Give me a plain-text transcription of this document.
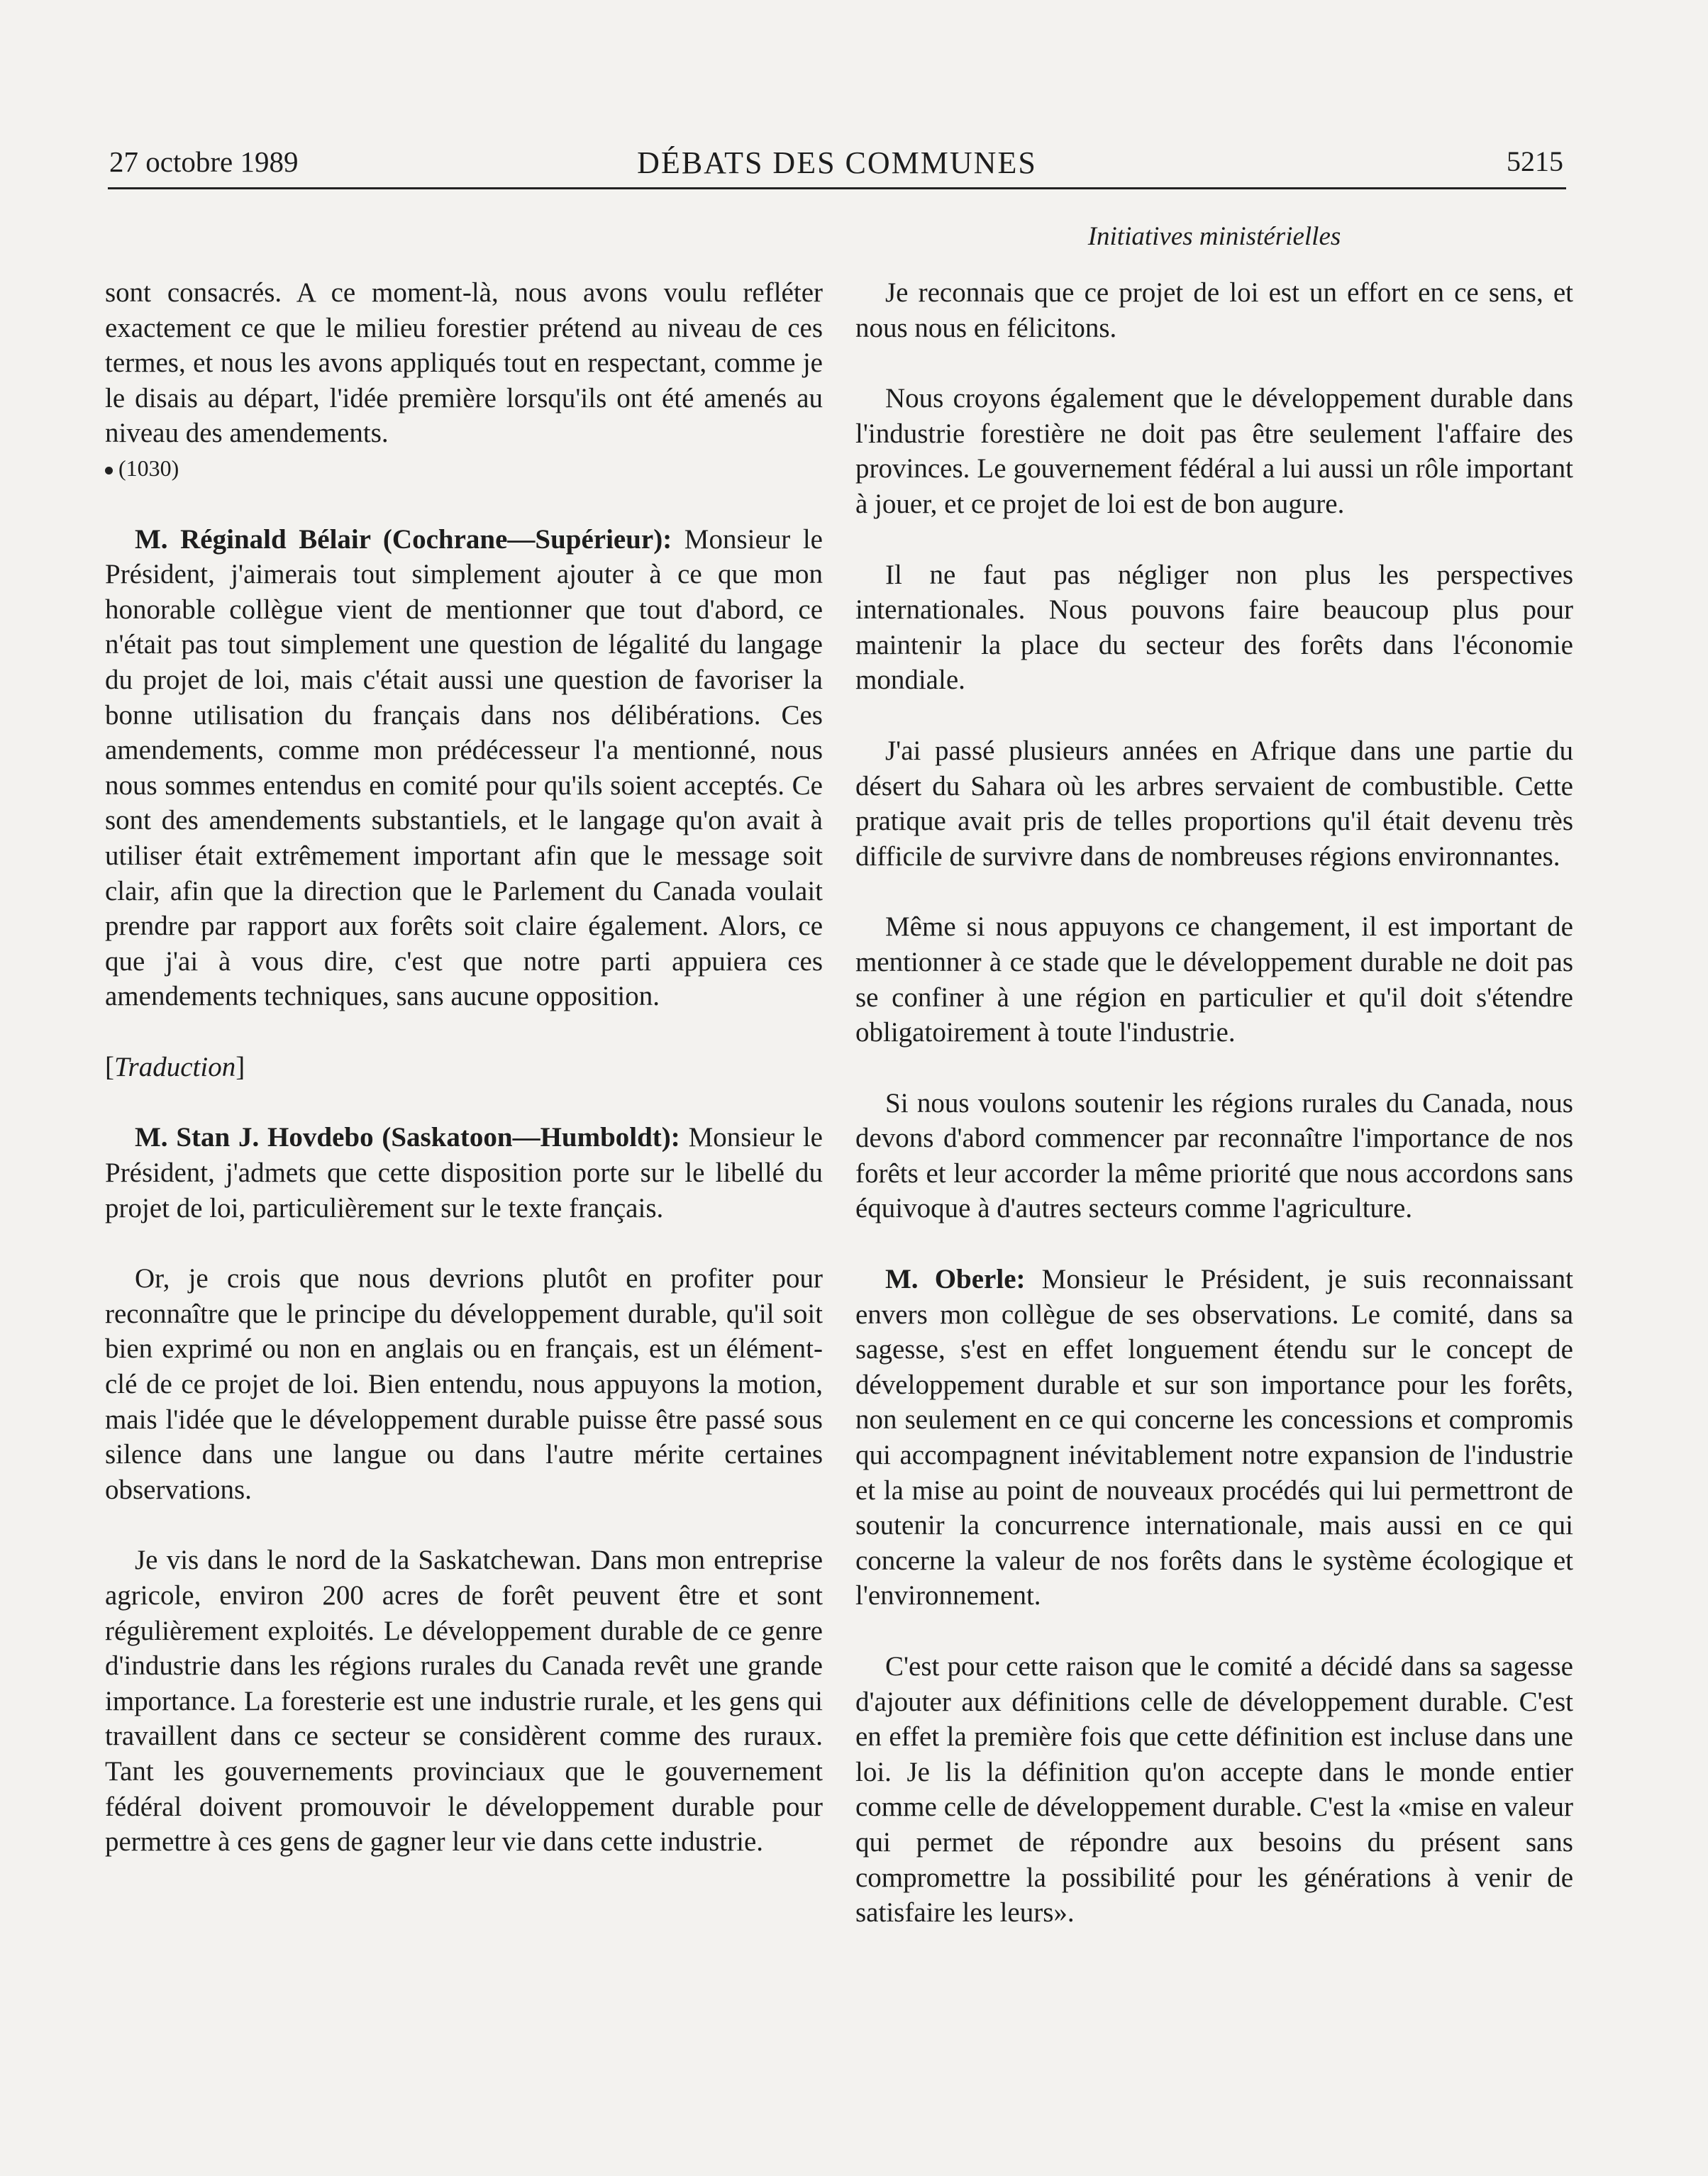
27 octobre 1989	DÉBATS DES COMMUNES	5215
Initiatives ministérielles

sont consacrés. A ce moment-là, nous avons voulu refléter exactement ce que le milieu forestier prétend au niveau de ces termes, et nous les avons appliqués tout en respectant, comme je le disais au départ, l'idée première lorsqu'ils ont été amenés au niveau des amendements.

(1030)

M. Réginald Bélair (Cochrane—Supérieur): Monsieur le Président, j'aimerais tout simplement ajouter à ce que mon honorable collègue vient de mentionner que tout d'abord, ce n'était pas tout simplement une question de légalité du langage du projet de loi, mais c'était aussi une question de favoriser la bonne utilisation du français dans nos délibérations. Ces amendements, comme mon prédécesseur l'a mentionné, nous nous sommes entendus en comité pour qu'ils soient acceptés. Ce sont des amendements substantiels, et le langage qu'on avait à utiliser était extrêmement important afin que le message soit clair, afin que la direction que le Parlement du Canada voulait prendre par rapport aux forêts soit claire également. Alors, ce que j'ai à vous dire, c'est que notre parti appuiera ces amendements techniques, sans aucune opposition.

[Traduction]

M. Stan J. Hovdebo (Saskatoon—Humboldt): Monsieur le Président, j'admets que cette disposition porte sur le libellé du projet de loi, particulièrement sur le texte français.

Or, je crois que nous devrions plutôt en profiter pour reconnaître que le principe du développement durable, qu'il soit bien exprimé ou non en anglais ou en français, est un élément-clé de ce projet de loi. Bien entendu, nous appuyons la motion, mais l'idée que le développement durable puisse être passé sous silence dans une langue ou dans l'autre mérite certaines observations.

Je vis dans le nord de la Saskatchewan. Dans mon entreprise agricole, environ 200 acres de forêt peuvent être et sont régulièrement exploités. Le développement durable de ce genre d'industrie dans les régions rurales du Canada revêt une grande importance. La foresterie est une industrie rurale, et les gens qui travaillent dans ce secteur se considèrent comme des ruraux. Tant les gouvernements provinciaux que le gouvernement fédéral doivent promouvoir le développement durable pour permettre à ces gens de gagner leur vie dans cette industrie.

Je reconnais que ce projet de loi est un effort en ce sens, et nous nous en félicitons.

Nous croyons également que le développement durable dans l'industrie forestière ne doit pas être seulement l'affaire des provinces. Le gouvernement fédéral a lui aussi un rôle important à jouer, et ce projet de loi est de bon augure.

Il ne faut pas négliger non plus les perspectives internationales. Nous pouvons faire beaucoup plus pour maintenir la place du secteur des forêts dans l'économie mondiale.

J'ai passé plusieurs années en Afrique dans une partie du désert du Sahara où les arbres servaient de combustible. Cette pratique avait pris de telles proportions qu'il était devenu très difficile de survivre dans de nombreuses régions environnantes.

Même si nous appuyons ce changement, il est important de mentionner à ce stade que le développement durable ne doit pas se confiner à une région en particulier et qu'il doit s'étendre obligatoirement à toute l'industrie.

Si nous voulons soutenir les régions rurales du Canada, nous devons d'abord commencer par reconnaître l'importance de nos forêts et leur accorder la même priorité que nous accordons sans équivoque à d'autres secteurs comme l'agriculture.

M. Oberle: Monsieur le Président, je suis reconnaissant envers mon collègue de ses observations. Le comité, dans sa sagesse, s'est en effet longuement étendu sur le concept de développement durable et sur son importance pour les forêts, non seulement en ce qui concerne les concessions et compromis qui accompagnent inévitablement notre expansion de l'industrie et la mise au point de nouveaux procédés qui lui permettront de soutenir la concurrence internationale, mais aussi en ce qui concerne la valeur de nos forêts dans le système écologique et l'environnement.

C'est pour cette raison que le comité a décidé dans sa sagesse d'ajouter aux définitions celle de développement durable. C'est en effet la première fois que cette définition est incluse dans une loi. Je lis la définition qu'on accepte dans le monde entier comme celle de développement durable. C'est la «mise en valeur qui permet de répondre aux besoins du présent sans compromettre la possibilité pour les générations à venir de satisfaire les leurs».
